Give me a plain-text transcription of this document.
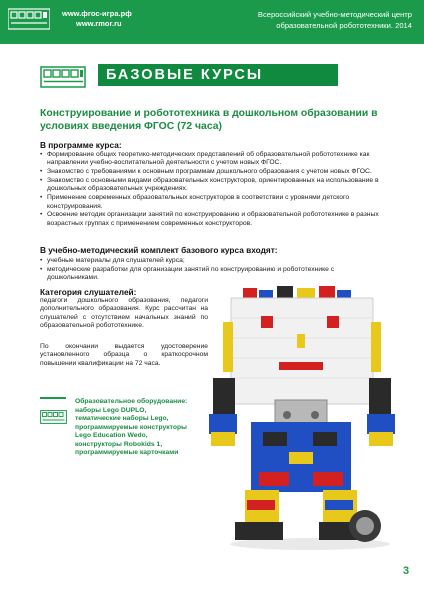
www.фгос-игра.рф
www.rmor.ru
Всероссийский учебно-методический центр
образовательной робототехники. 2014
БАЗОВЫЕ КУРСЫ
Конструирование и робототехника в дошкольном образовании в условиях введения ФГОС (72 часа)
В программе курса:
• Формирование общих теоретико-методических представлений об образовательной робототехнике как направлении учебно-воспитательной деятельности с учетом новых ФГОС.
• Знакомство с требованиями к основным программам дошкольного образования с учетом новых ФГОС.
• Знакомство с основными видами образовательных конструкторов, ориентированных на использование в дошкольных образовательных учреждениях.
• Применение современных образовательных конструкторов в соответствии с уровнями детского конструирования.
• Освоение методик организации занятий по конструированию и образовательной робототехнике в разных возрастных группах с применением современных конструкторов.
В учебно-методический комплект базового курса входят:
• учебные материалы для слушателей курса;
• методические разработки для организации занятий по конструированию и робототехнике с дошкольниками.
Категория слушателей:
педагоги дошкольного образования, педагоги дополнительного образования. Курс рассчитан на слушателей с отсутствием начальных знаний по образовательной робототехнике.
По окончании выдается удостоверение установленного образца о краткосрочном повышении квалификации на 72 часа.
Образовательное оборудование:
наборы Lego DUPLO,
тематические наборы Lego,
программируемые конструкторы
Lego Education Wedo,
конструкторы Robokids 1,
программируемые карточками
3
